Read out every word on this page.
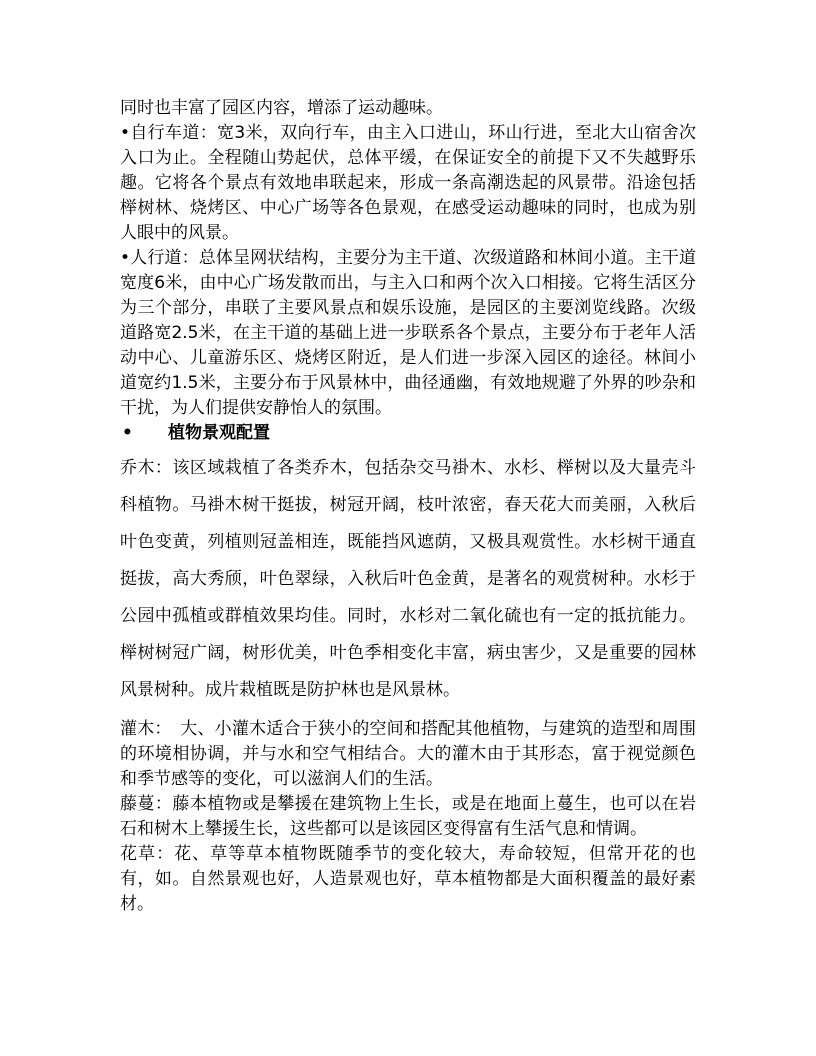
同时也丰富了园区内容，增添了运动趣味。

•自行车道：宽3米，双向行车，由主入口进山，环山行进，至北大山宿舍次入口为止。全程随山势起伏，总体平缓，在保证安全的前提下又不失越野乐趣。它将各个景点有效地串联起来，形成一条高潮迭起的风景带。沿途包括榉树林、烧烤区、中心广场等各色景观，在感受运动趣味的同时，也成为别人眼中的风景。

•人行道：总体呈网状结构，主要分为主干道、次级道路和林间小道。主干道宽度6米，由中心广场发散而出，与主入口和两个次入口相接。它将生活区分为三个部分，串联了主要风景点和娱乐设施，是园区的主要浏览线路。次级道路宽2.5米，在主干道的基础上进一步联系各个景点，主要分布于老年人活动中心、儿童游乐区、烧烤区附近，是人们进一步深入园区的途径。林间小道宽约1.5米，主要分布于风景林中，曲径通幽，有效地规避了外界的吵杂和干扰，为人们提供安静怡人的氛围。

• 植物景观配置

乔木：该区域栽植了各类乔木，包括杂交马褂木、水杉、榉树以及大量壳斗科植物。马褂木树干挺拔，树冠开阔，枝叶浓密，春天花大而美丽，入秋后叶色变黄，列植则冠盖相连，既能挡风遮荫，又极具观赏性。水杉树干通直挺拔，高大秀颀，叶色翠绿，入秋后叶色金黄，是著名的观赏树种。水杉于公园中孤植或群植效果均佳。同时，水杉对二氧化硫也有一定的抵抗能力。榉树树冠广阔，树形优美，叶色季相变化丰富，病虫害少，又是重要的园林风景树种。成片栽植既是防护林也是风景林。

灌木：　大、小灌木适合于狭小的空间和搭配其他植物，与建筑的造型和周围的环境相协调，并与水和空气相结合。大的灌木由于其形态，富于视觉颜色和季节感等的变化，可以滋润人们的生活。

藤蔓：藤本植物或是攀援在建筑物上生长，或是在地面上蔓生，也可以在岩石和树木上攀援生长，这些都可以是该园区变得富有生活气息和情调。

花草：花、草等草本植物既随季节的变化较大，寿命较短，但常开花的也有，如。自然景观也好，人造景观也好，草本植物都是大面积覆盖的最好素材。
